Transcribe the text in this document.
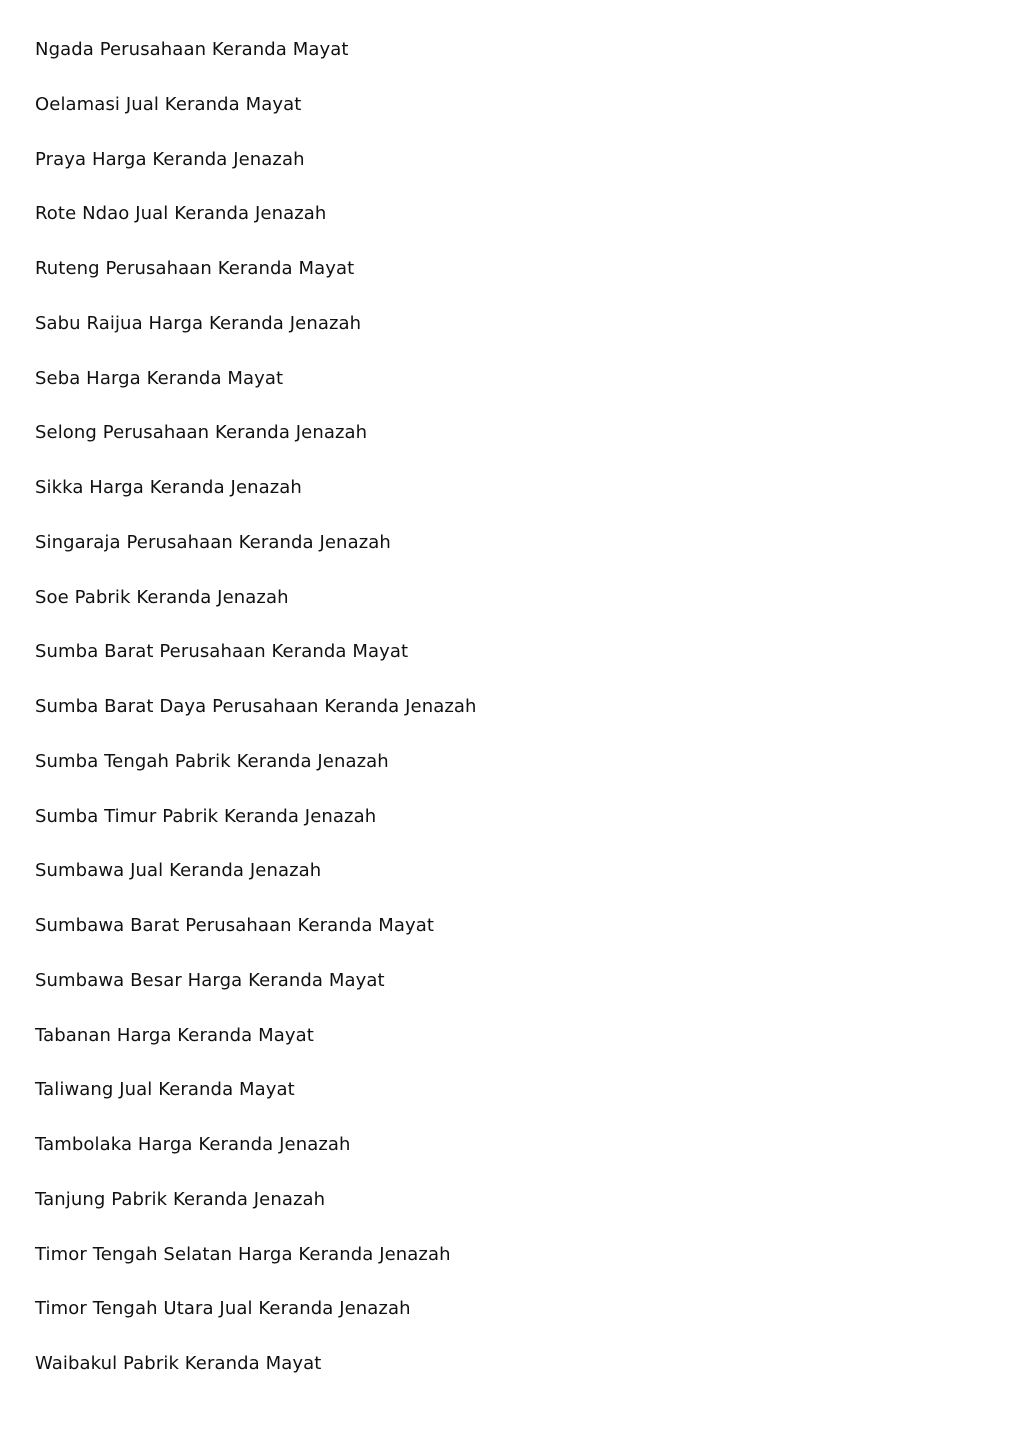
Ngada Perusahaan Keranda Mayat
Oelamasi Jual Keranda Mayat
Praya Harga Keranda Jenazah
Rote Ndao Jual Keranda Jenazah
Ruteng Perusahaan Keranda Mayat
Sabu Raijua Harga Keranda Jenazah
Seba Harga Keranda Mayat
Selong Perusahaan Keranda Jenazah
Sikka Harga Keranda Jenazah
Singaraja Perusahaan Keranda Jenazah
Soe Pabrik Keranda Jenazah
Sumba Barat Perusahaan Keranda Mayat
Sumba Barat Daya Perusahaan Keranda Jenazah
Sumba Tengah Pabrik Keranda Jenazah
Sumba Timur Pabrik Keranda Jenazah
Sumbawa Jual Keranda Jenazah
Sumbawa Barat Perusahaan Keranda Mayat
Sumbawa Besar Harga Keranda Mayat
Tabanan Harga Keranda Mayat
Taliwang Jual Keranda Mayat
Tambolaka Harga Keranda Jenazah
Tanjung Pabrik Keranda Jenazah
Timor Tengah Selatan Harga Keranda Jenazah
Timor Tengah Utara Jual Keranda Jenazah
Waibakul Pabrik Keranda Mayat
